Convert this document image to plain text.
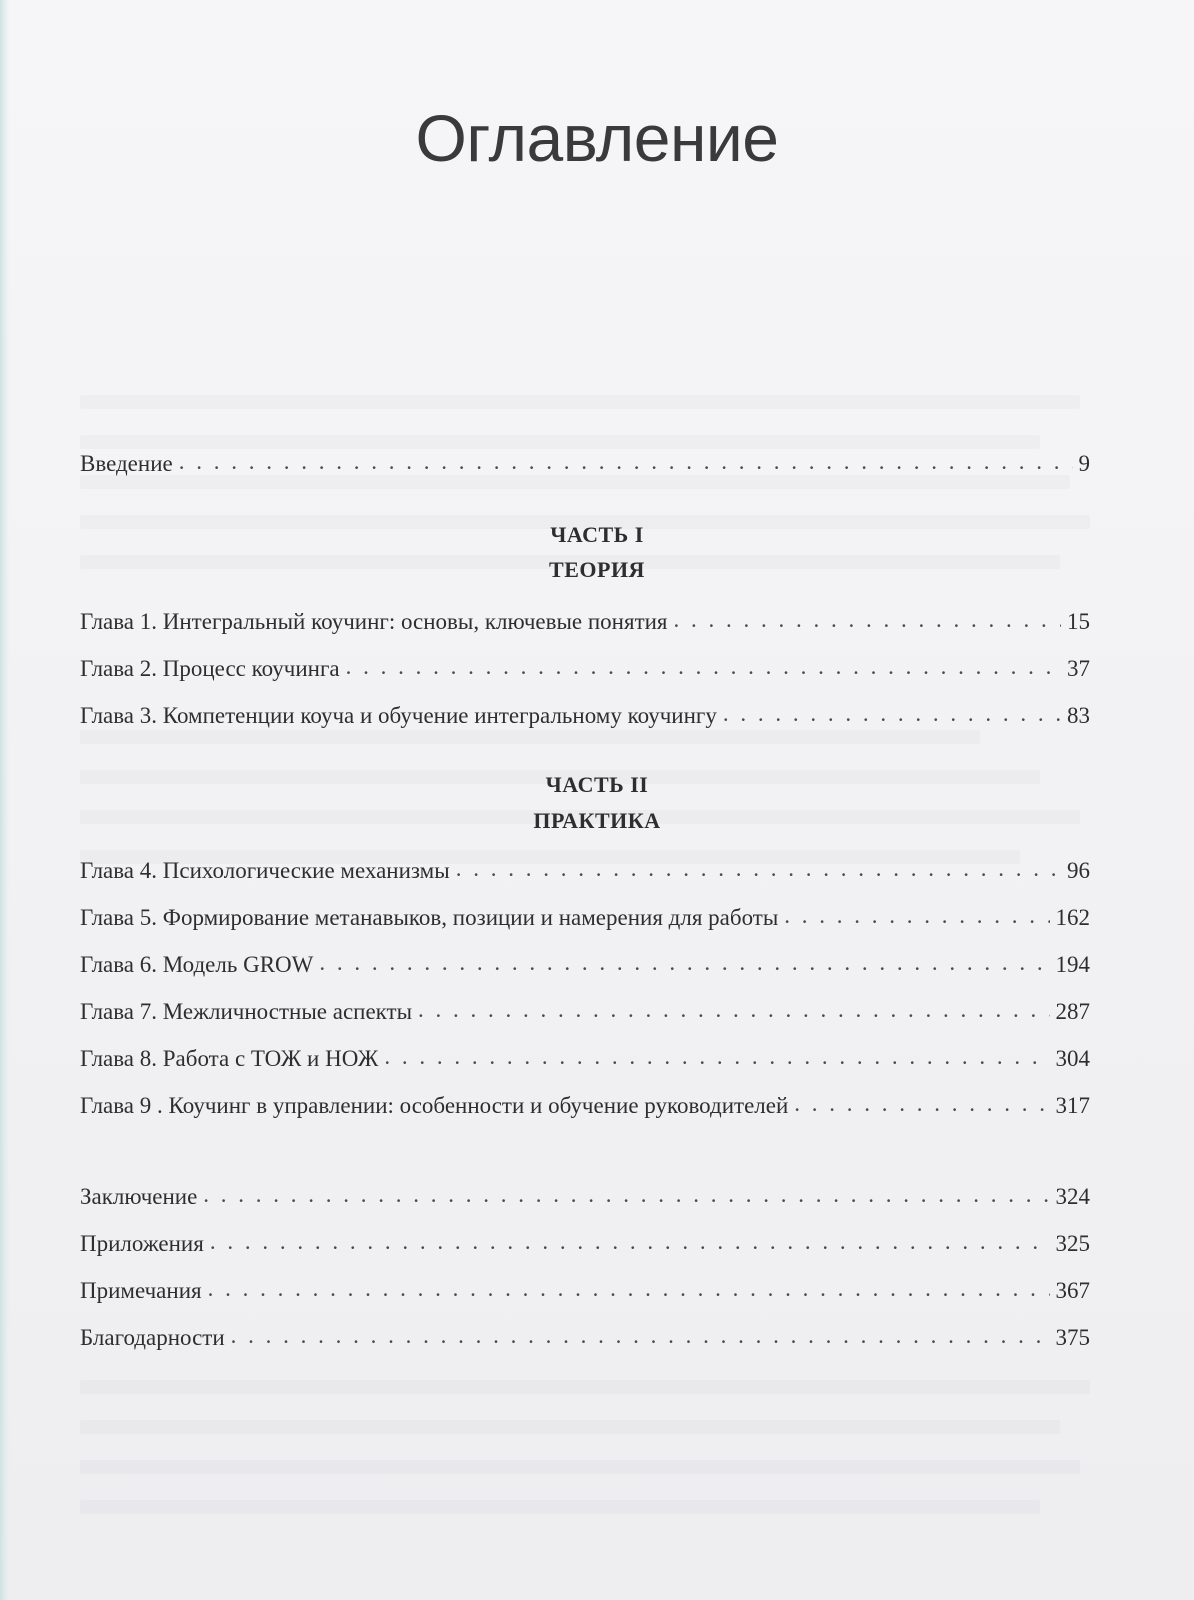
Оглавление
Введение . . .	9
ЧАСТЬ I
ТЕОРИЯ
Глава 1. Интегральный коучинг: основы, ключевые понятия . . .	15
Глава 2. Процесс коучинга . . .	37
Глава 3. Компетенции коуча и обучение интегральному коучингу . . .	83
ЧАСТЬ II
ПРАКТИКА
Глава 4. Психологические механизмы . . .	96
Глава 5. Формирование метанавыков, позиции и намерения для работы . . .	162
Глава 6. Модель GROW . . .	194
Глава 7. Межличностные аспекты . . .	287
Глава 8. Работа с ТОЖ и НОЖ . . .	304
Глава 9 . Коучинг в управлении: особенности и обучение руководителей . . .	317
Заключение . . .	324
Приложения . . .	325
Примечания . . .	367
Благодарности . . .	375
